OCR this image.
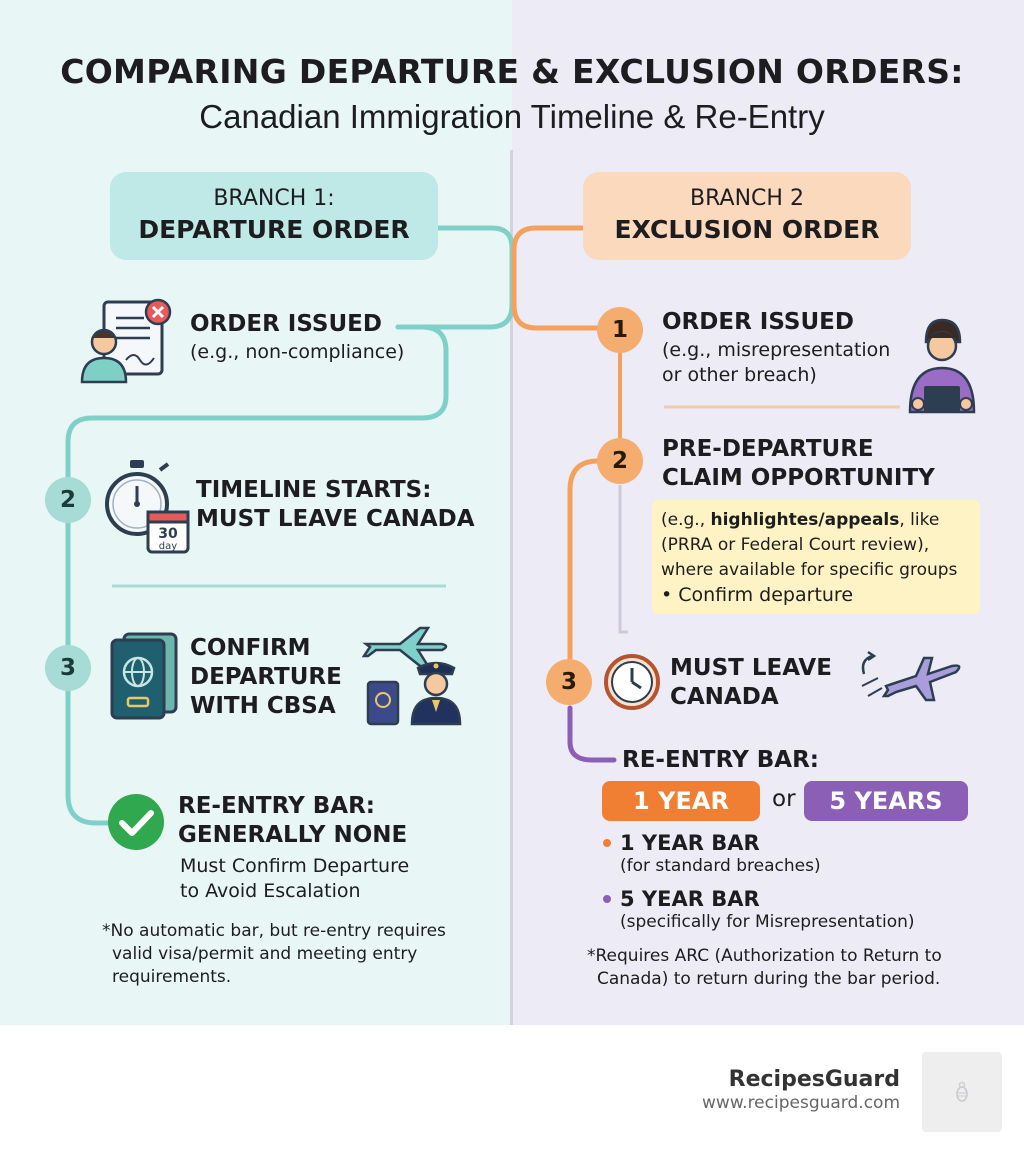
COMPARING DEPARTURE & EXCLUSION ORDERS:
Canadian Immigration Timeline & Re-Entry
BRANCH 1:
DEPARTURE ORDER
BRANCH 2
EXCLUSION ORDER
ORDER ISSUED
(e.g., non-compliance)
2
30
day
TIMELINE STARTS:
MUST LEAVE CANADA
3
CONFIRM
DEPARTURE
WITH CBSA
RE-ENTRY BAR:
GENERALLY NONE
Must Confirm Departure
to Avoid Escalation
*No automatic bar, but re-entry requires
valid visa/permit and meeting entry
requirements.
1	ORDER ISSUED
(e.g., misrepresentation
or other breach)
2	PRE-DEPARTURE
CLAIM OPPORTUNITY
(e.g., highlightes/appeals, like
(PRRA or Federal Court review),
where available for specific groups
• Confirm departure
3
MUST LEAVE
CANADA
RE-ENTRY BAR:
1 YEAR	or	5 YEARS
1 YEAR BAR
(for standard breaches)
5 YEAR BAR
(specifically for Misrepresentation)
*Requires ARC (Authorization to Return to
Canada) to return during the bar period.
RecipesGuard
www.recipesguard.com
